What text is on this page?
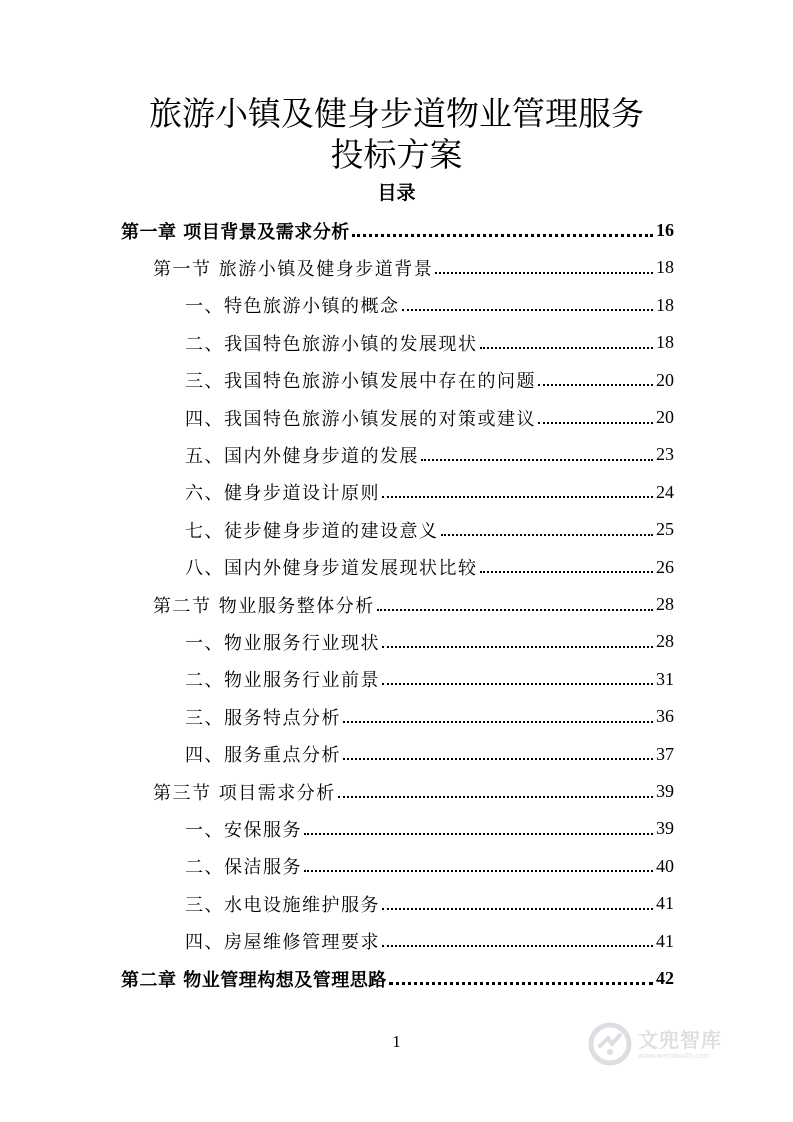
旅游小镇及健身步道物业管理服务
投标方案
目录
第一章 项目背景及需求分析	16
第一节 旅游小镇及健身步道背景	18
一、特色旅游小镇的概念	18
二、我国特色旅游小镇的发展现状	18
三、我国特色旅游小镇发展中存在的问题	20
四、我国特色旅游小镇发展的对策或建议	20
五、国内外健身步道的发展	23
六、健身步道设计原则	24
七、徒步健身步道的建设意义	25
八、国内外健身步道发展现状比较	26
第二节 物业服务整体分析	28
一、物业服务行业现状	28
二、物业服务行业前景	31
三、服务特点分析	36
四、服务重点分析	37
第三节 项目需求分析	39
一、安保服务	39
二、保洁服务	40
三、水电设施维护服务	41
四、房屋维修管理要求	41
第二章 物业管理构想及管理思路	42
1	文兜智库
www.wendoulib.com
